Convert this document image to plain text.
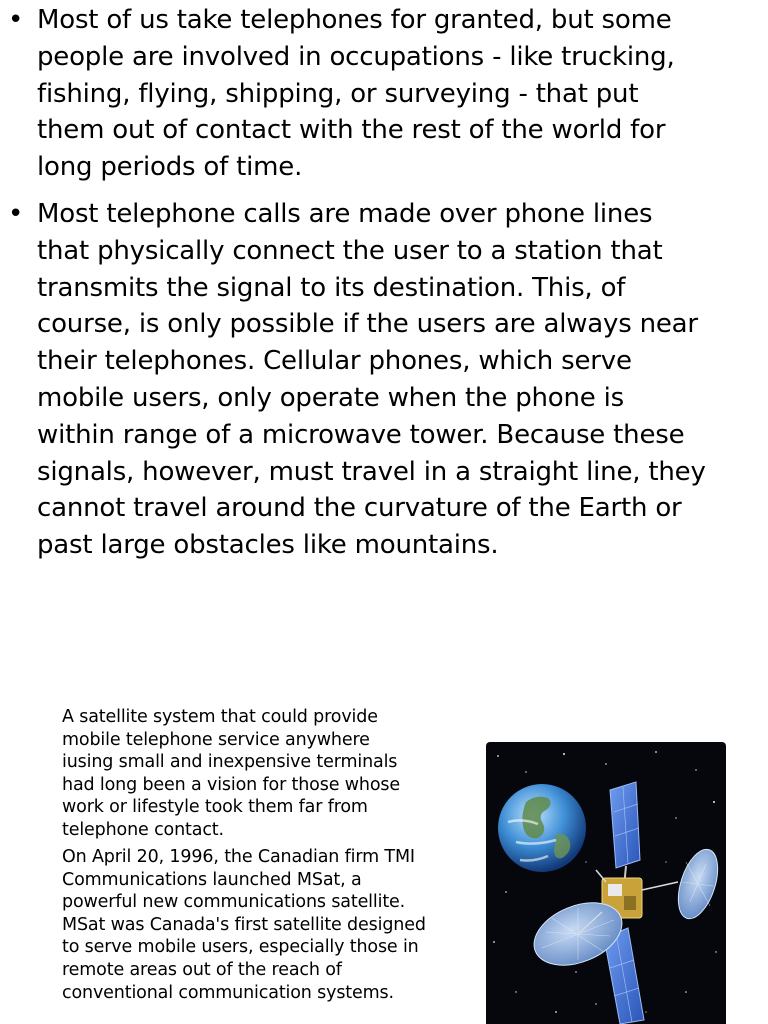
• Most of us take telephones for granted, but some
people are involved in occupations - like trucking,
fishing, flying, shipping, or surveying - that put
them out of contact with the rest of the world for
long periods of time.
• Most telephone calls are made over phone lines
that physically connect the user to a station that
transmits the signal to its destination. This, of
course, is only possible if the users are always near
their telephones. Cellular phones, which serve
mobile users, only operate when the phone is
within range of a microwave tower. Because these
signals, however, must travel in a straight line, they
cannot travel around the curvature of the Earth or
past large obstacles like mountains.
A satellite system that could provide
mobile telephone service anywhere
iusing small and inexpensive terminals
had long been a vision for those whose
work or lifestyle took them far from
telephone contact.
On April 20, 1996, the Canadian firm TMI
Communications launched MSat, a
powerful new communications satellite.
MSat was Canada's first satellite designed
to serve mobile users, especially those in
remote areas out of the reach of
conventional communication systems.
